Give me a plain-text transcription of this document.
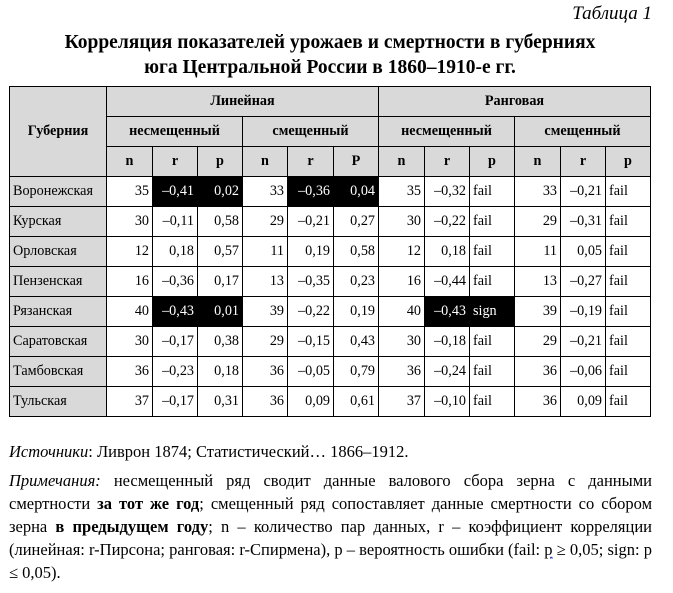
Таблица 1
Корреляция показателей урожаев и смертности в губерниях
юга Центральной России в 1860–1910-е гг.
Губерния	Линейная						Ранговая					
	несмещенный			смещенный			несмещенный			смещенный		
	n	r	p	n	r	P	n	r	p	n	r	p
Воронежская	35	–0,41	0,02	33	–0,36	0,04	35	–0,32	fail	33	–0,21	fail
Курская	30	–0,11	0,58	29	–0,21	0,27	30	–0,22	fail	29	–0,31	fail
Орловская	12	0,18	0,57	11	0,19	0,58	12	0,18	fail	11	0,05	fail
Пензенская	16	–0,36	0,17	13	–0,35	0,23	16	–0,44	fail	13	–0,27	fail
Рязанская	40	–0,43	0,01	39	–0,22	0,19	40	–0,43	sign	39	–0,19	fail
Саратовская	30	–0,17	0,38	29	–0,15	0,43	30	–0,18	fail	29	–0,21	fail
Тамбовская	36	–0,23	0,18	36	–0,05	0,79	36	–0,24	fail	36	–0,06	fail
Тульская	37	–0,17	0,31	36	0,09	0,61	37	–0,10	fail	36	0,09	fail

Источники: Ливрон 1874; Статистический… 1866–1912.

Примечания: несмещенный ряд сводит данные валового сбора зерна с данными смертности за тот же год; смещенный ряд сопоставляет данные смертности со сбором зерна в предыдущем году; n – количество пар данных, r – коэффициент корреляции (линейная: r-Пирсона; ранговая: r-Спирмена), p – вероятность ошибки (fail: p ≥ 0,05; sign: p ≤ 0,05).
